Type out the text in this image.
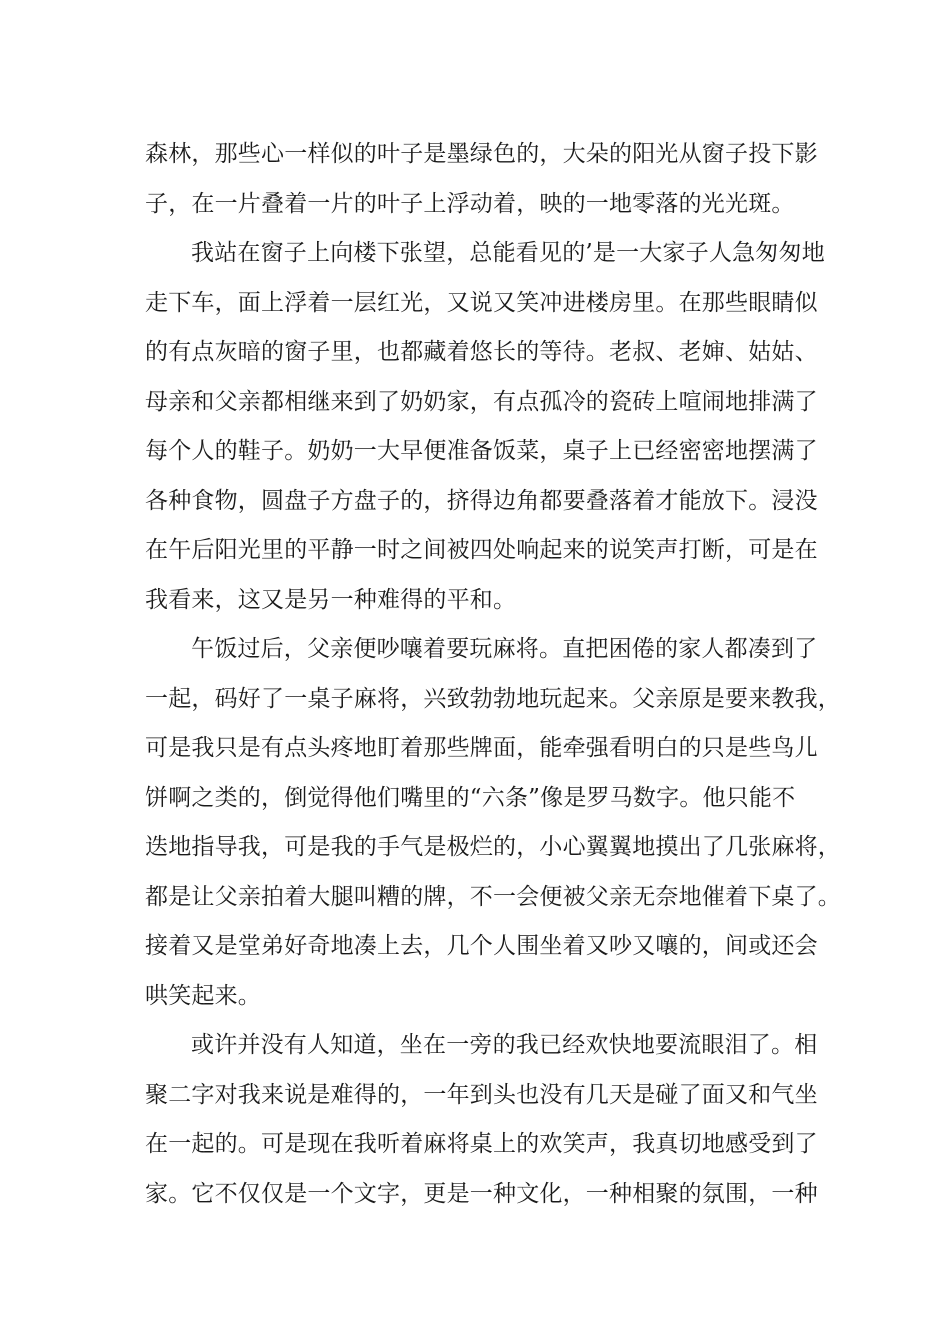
森林，那些心一样似的叶子是墨绿色的，大朵的阳光从窗子投下影
子，在一片叠着一片的叶子上浮动着，映的一地零落的光光斑。
我站在窗子上向楼下张望，总能看见的’是一大家子人急匆匆地
走下车，面上浮着一层红光，又说又笑冲进楼房里。在那些眼睛似
的有点灰暗的窗子里，也都藏着悠长的等待。老叔、老婶、姑姑、
母亲和父亲都相继来到了奶奶家，有点孤冷的瓷砖上喧闹地排满了
每个人的鞋子。奶奶一大早便准备饭菜，桌子上已经密密地摆满了
各种食物，圆盘子方盘子的，挤得边角都要叠落着才能放下。浸没
在午后阳光里的平静一时之间被四处响起来的说笑声打断，可是在
我看来，这又是另一种难得的平和。
午饭过后，父亲便吵嚷着要玩麻将。直把困倦的家人都凑到了
一起，码好了一桌子麻将，兴致勃勃地玩起来。父亲原是要来教我，
可是我只是有点头疼地盯着那些牌面，能牵强看明白的只是些鸟儿
饼啊之类的，倒觉得他们嘴里的“六条”像是罗马数字。他只能不
迭地指导我，可是我的手气是极烂的，小心翼翼地摸出了几张麻将，
都是让父亲拍着大腿叫糟的牌，不一会便被父亲无奈地催着下桌了。
接着又是堂弟好奇地凑上去，几个人围坐着又吵又嚷的，间或还会
哄笑起来。
或许并没有人知道，坐在一旁的我已经欢快地要流眼泪了。相
聚二字对我来说是难得的，一年到头也没有几天是碰了面又和气坐
在一起的。可是现在我听着麻将桌上的欢笑声，我真切地感受到了
家。它不仅仅是一个文字，更是一种文化，一种相聚的氛围，一种
